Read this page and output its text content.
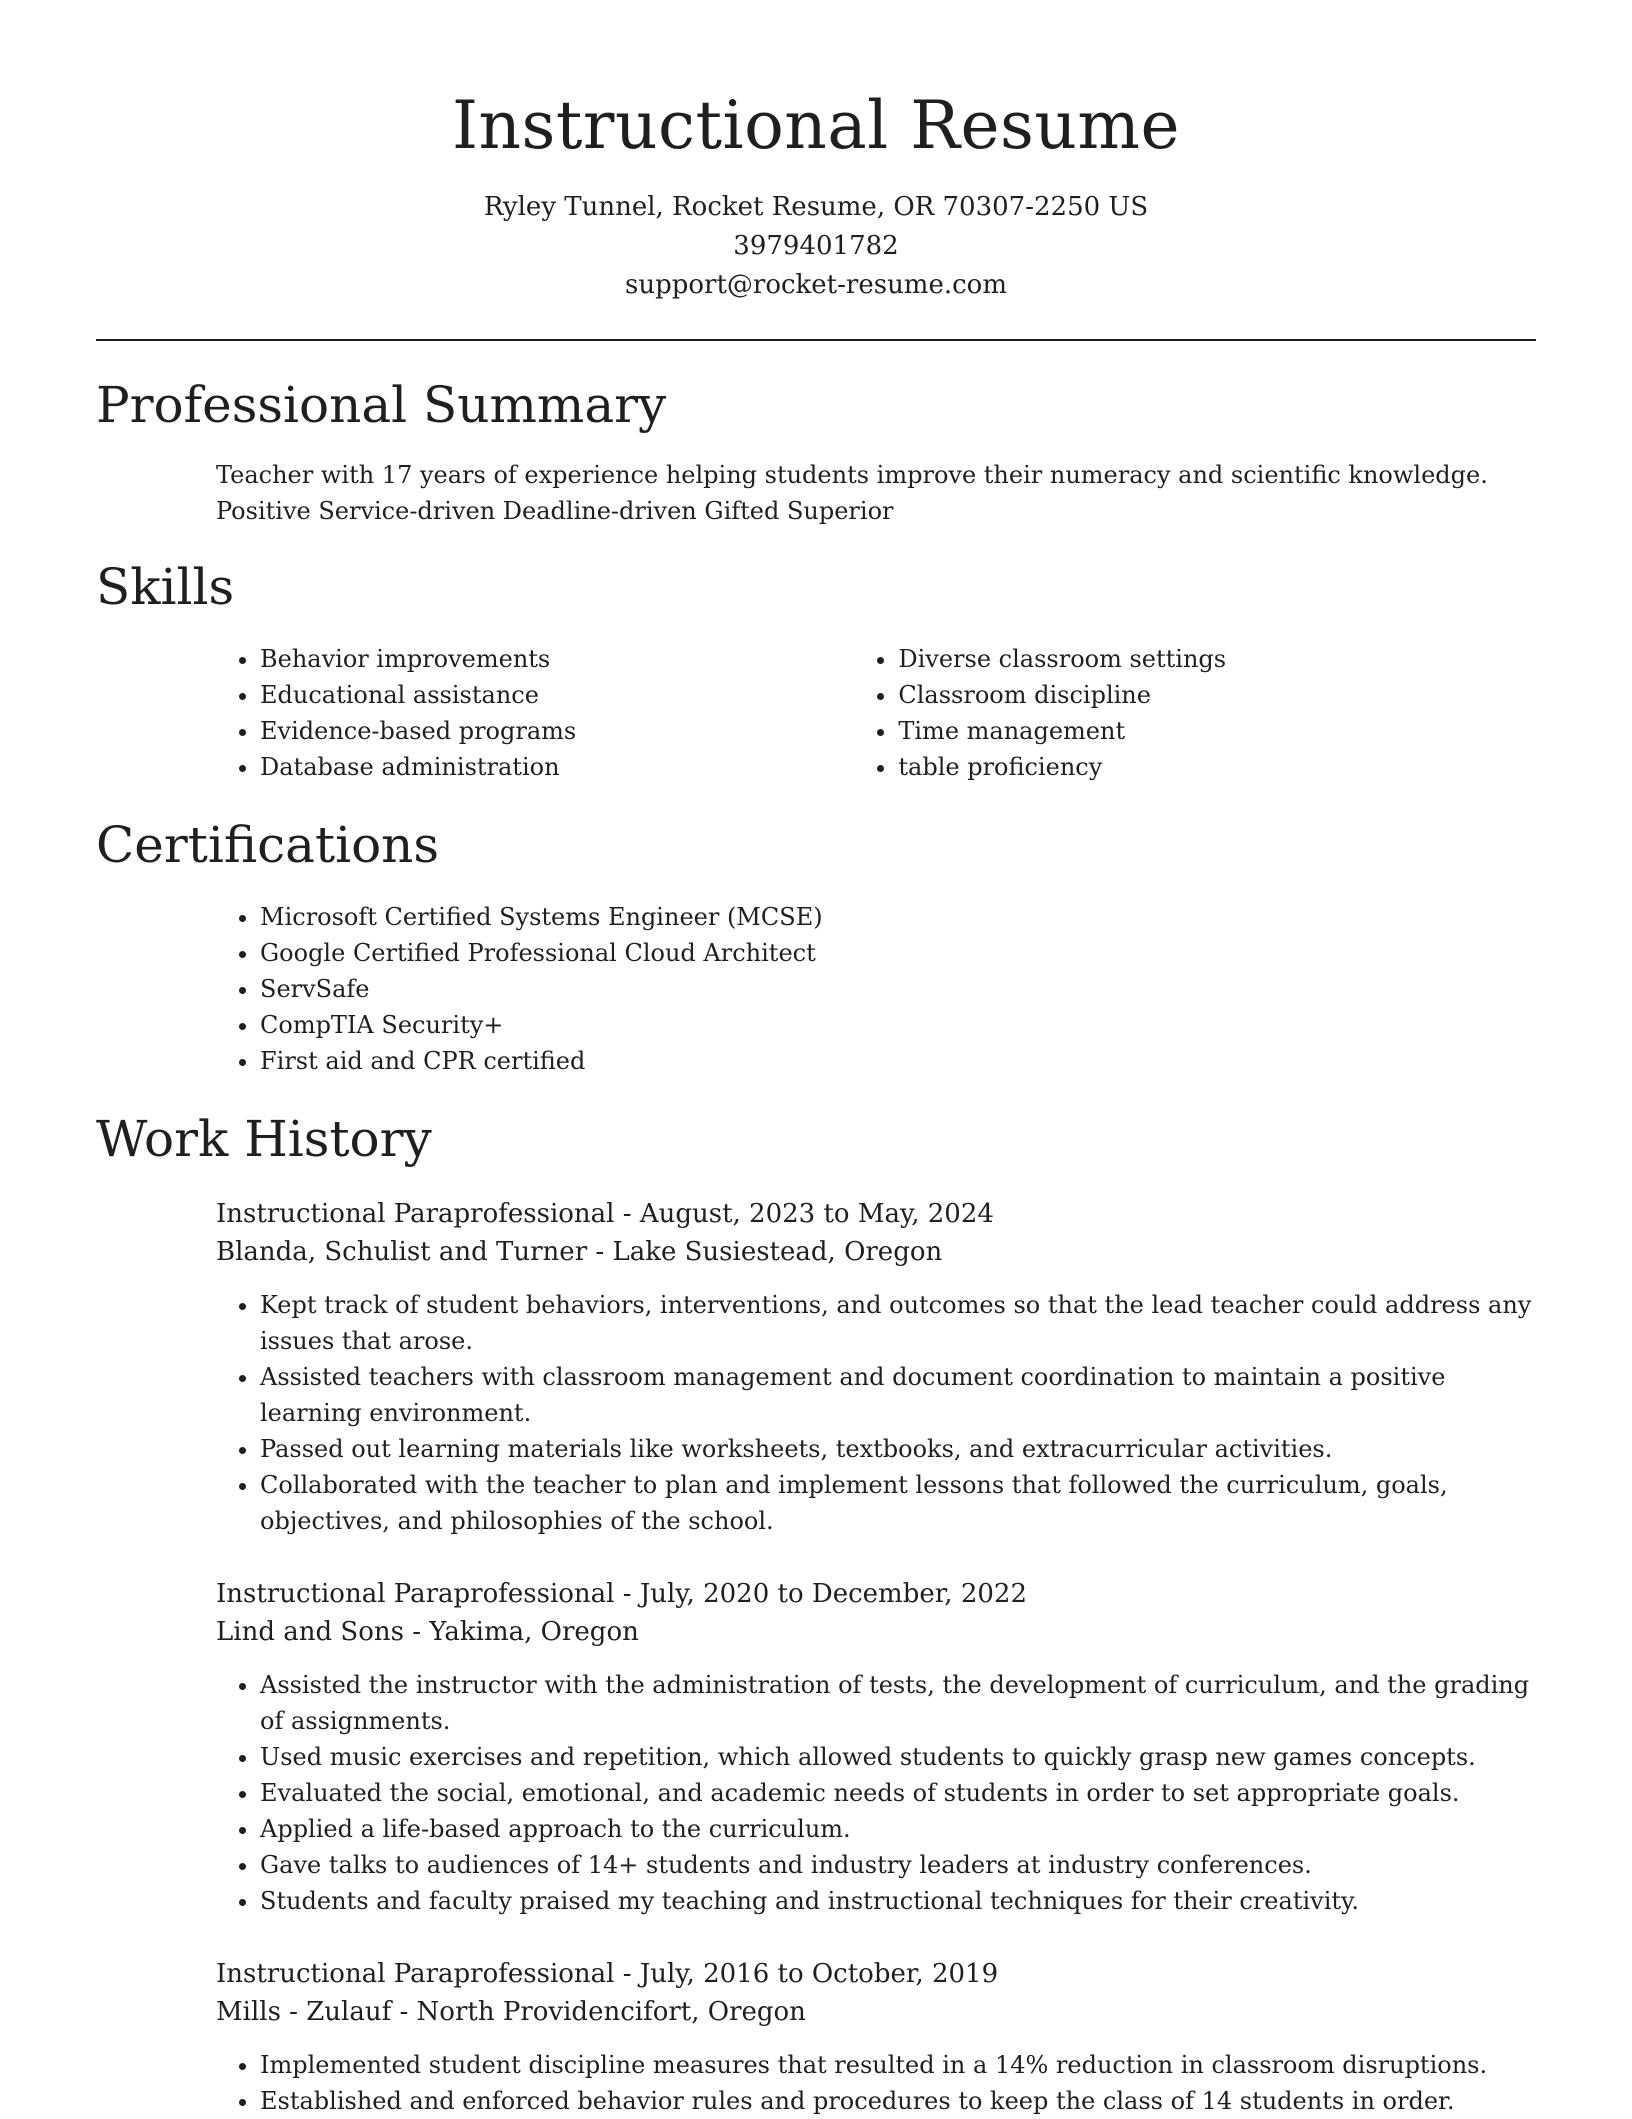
Instructional Resume
Ryley Tunnel, Rocket Resume, OR 70307-2250 US
3979401782
support@rocket-resume.com
Professional Summary
Teacher with 17 years of experience helping students improve their numeracy and scientific knowledge.
Positive Service-driven Deadline-driven Gifted Superior
Skills
• Behavior improvements
• Educational assistance
• Evidence-based programs
• Database administration
• Diverse classroom settings
• Classroom discipline
• Time management
• table proficiency
Certifications
• Microsoft Certified Systems Engineer (MCSE)
• Google Certified Professional Cloud Architect
• ServSafe
• CompTIA Security+
• First aid and CPR certified
Work History
Instructional Paraprofessional - August, 2023 to May, 2024
Blanda, Schulist and Turner - Lake Susiestead, Oregon
• Kept track of student behaviors, interventions, and outcomes so that the lead teacher could address any issues that arose.
• Assisted teachers with classroom management and document coordination to maintain a positive learning environment.
• Passed out learning materials like worksheets, textbooks, and extracurricular activities.
• Collaborated with the teacher to plan and implement lessons that followed the curriculum, goals, objectives, and philosophies of the school.
Instructional Paraprofessional - July, 2020 to December, 2022
Lind and Sons - Yakima, Oregon
• Assisted the instructor with the administration of tests, the development of curriculum, and the grading of assignments.
• Used music exercises and repetition, which allowed students to quickly grasp new games concepts.
• Evaluated the social, emotional, and academic needs of students in order to set appropriate goals.
• Applied a life-based approach to the curriculum.
• Gave talks to audiences of 14+ students and industry leaders at industry conferences.
• Students and faculty praised my teaching and instructional techniques for their creativity.
Instructional Paraprofessional - July, 2016 to October, 2019
Mills - Zulauf - North Providencifort, Oregon
• Implemented student discipline measures that resulted in a 14% reduction in classroom disruptions.
• Established and enforced behavior rules and procedures to keep the class of 14 students in order.
